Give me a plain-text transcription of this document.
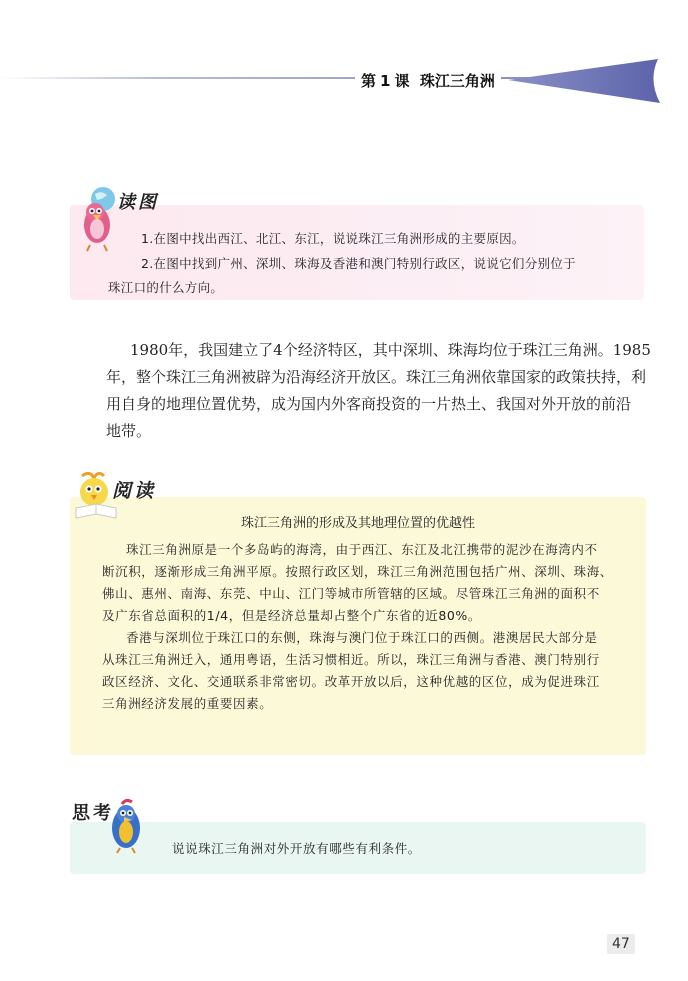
第 1 课 珠江三角洲
读图
1.在图中找出西江、北江、东江，说说珠江三角洲形成的主要原因。
2.在图中找到广州、深圳、珠海及香港和澳门特别行政区，说说它们分别位于
珠江口的什么方向。

1980年，我国建立了4个经济特区，其中深圳、珠海均位于珠江三角洲。1985
年，整个珠江三角洲被辟为沿海经济开放区。珠江三角洲依靠国家的政策扶持，利
用自身的地理位置优势，成为国内外客商投资的一片热土、我国对外开放的前沿
地带。

阅读
珠江三角洲的形成及其地理位置的优越性

珠江三角洲原是一个多岛屿的海湾，由于西江、东江及北江携带的泥沙在海湾内不
断沉积，逐渐形成三角洲平原。按照行政区划，珠江三角洲范围包括广州、深圳、珠海、
佛山、惠州、南海、东莞、中山、江门等城市所管辖的区域。尽管珠江三角洲的面积不
及广东省总面积的1/4，但是经济总量却占整个广东省的近80%。

香港与深圳位于珠江口的东侧，珠海与澳门位于珠江口的西侧。港澳居民大部分是
从珠江三角洲迁入，通用粤语，生活习惯相近。所以，珠江三角洲与香港、澳门特别行
政区经济、文化、交通联系非常密切。改革开放以后，这种优越的区位，成为促进珠江
三角洲经济发展的重要因素。

思考
说说珠江三角洲对外开放有哪些有利条件。
47
